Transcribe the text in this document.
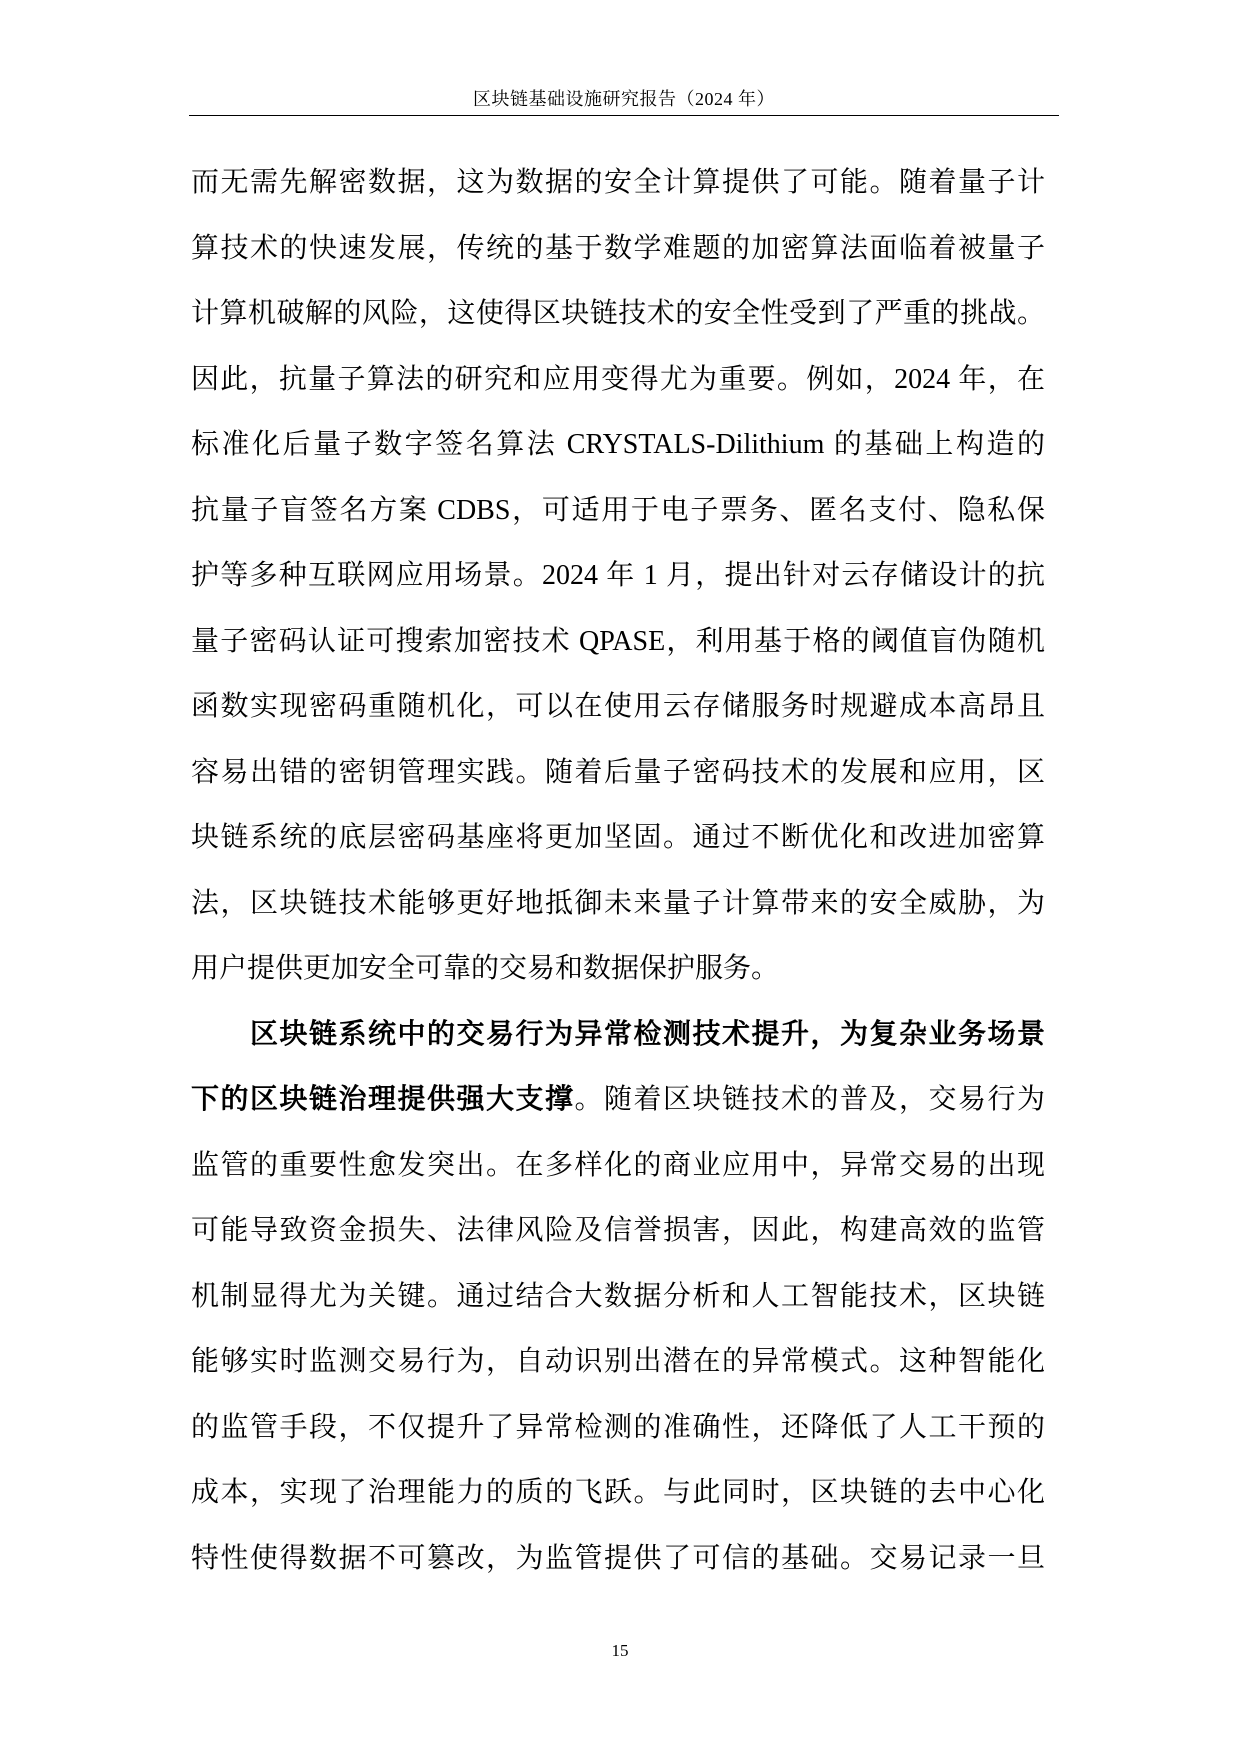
区块链基础设施研究报告（2024 年）
而无需先解密数据，这为数据的安全计算提供了可能。随着量子计
算技术的快速发展，传统的基于数学难题的加密算法面临着被量子
计算机破解的风险，这使得区块链技术的安全性受到了严重的挑战。
因此，抗量子算法的研究和应用变得尤为重要。例如，2024 年，在
标准化后量子数字签名算法 CRYSTALS-Dilithium 的基础上构造的
抗量子盲签名方案 CDBS，可适用于电子票务、匿名支付、隐私保
护等多种互联网应用场景。2024 年 1 月，提出针对云存储设计的抗
量子密码认证可搜索加密技术 QPASE，利用基于格的阈值盲伪随机
函数实现密码重随机化，可以在使用云存储服务时规避成本高昂且
容易出错的密钥管理实践。随着后量子密码技术的发展和应用，区
块链系统的底层密码基座将更加坚固。通过不断优化和改进加密算
法，区块链技术能够更好地抵御未来量子计算带来的安全威胁，为
用户提供更加安全可靠的交易和数据保护服务。
区块链系统中的交易行为异常检测技术提升，为复杂业务场景
下的区块链治理提供强大支撑。随着区块链技术的普及，交易行为
监管的重要性愈发突出。在多样化的商业应用中，异常交易的出现
可能导致资金损失、法律风险及信誉损害，因此，构建高效的监管
机制显得尤为关键。通过结合大数据分析和人工智能技术，区块链
能够实时监测交易行为，自动识别出潜在的异常模式。这种智能化
的监管手段，不仅提升了异常检测的准确性，还降低了人工干预的
成本，实现了治理能力的质的飞跃。与此同时，区块链的去中心化
特性使得数据不可篡改，为监管提供了可信的基础。交易记录一旦
15
